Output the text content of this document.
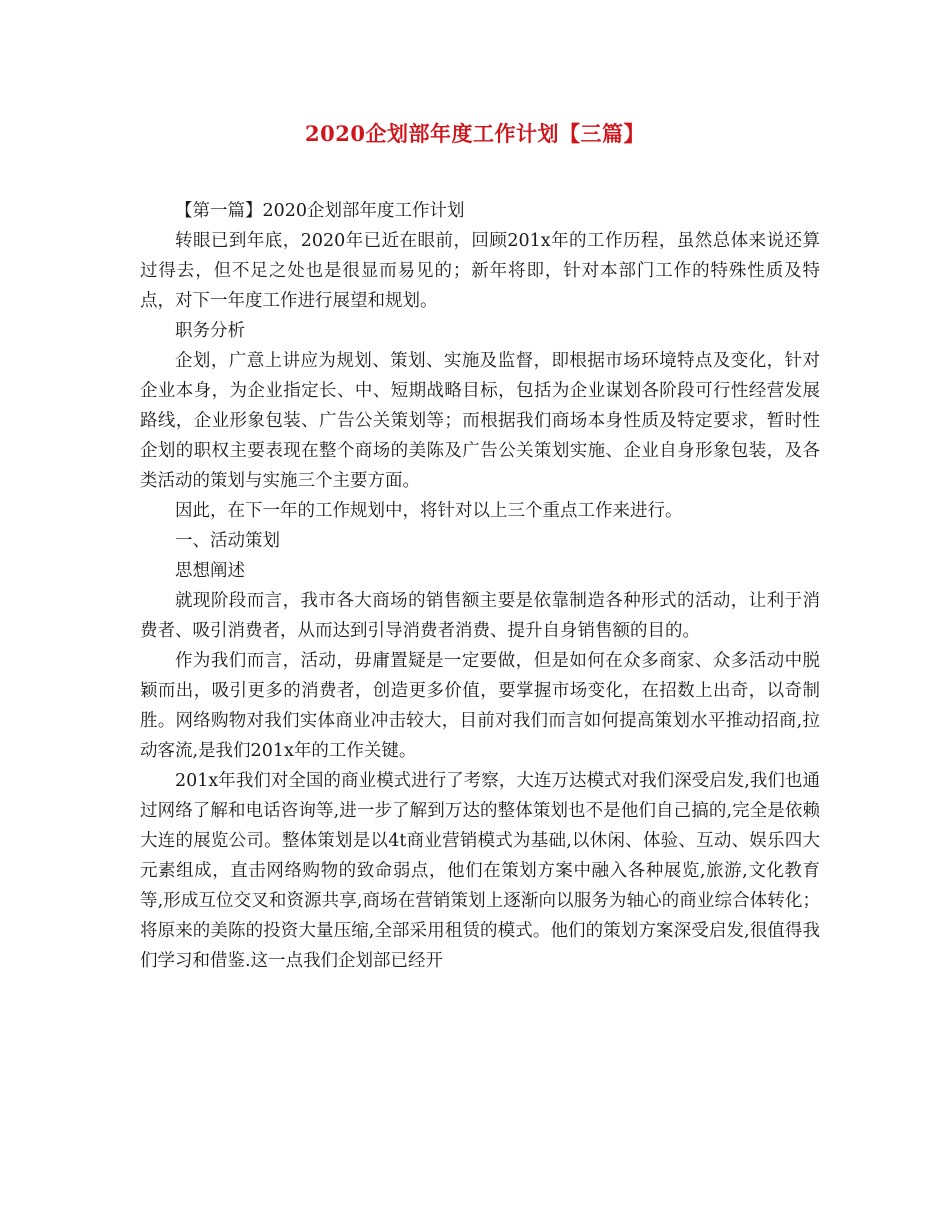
2020企划部年度工作计划【三篇】

【第一篇】2020企划部年度工作计划

转眼已到年底，2020年已近在眼前，回顾201x年的工作历程，虽然总体来说还算过得去，但不足之处也是很显而易见的；新年将即，针对本部门工作的特殊性质及特点，对下一年度工作进行展望和规划。

职务分析

企划，广意上讲应为规划、策划、实施及监督，即根据市场环境特点及变化，针对企业本身，为企业指定长、中、短期战略目标，包括为企业谋划各阶段可行性经营发展路线，企业形象包装、广告公关策划等；而根据我们商场本身性质及特定要求，暂时性企划的职权主要表现在整个商场的美陈及广告公关策划实施、企业自身形象包装，及各类活动的策划与实施三个主要方面。

因此，在下一年的工作规划中，将针对以上三个重点工作来进行。

一、活动策划

思想阐述

就现阶段而言，我市各大商场的销售额主要是依靠制造各种形式的活动，让利于消费者、吸引消费者，从而达到引导消费者消费、提升自身销售额的目的。

作为我们而言，活动，毋庸置疑是一定要做，但是如何在众多商家、众多活动中脱颖而出，吸引更多的消费者，创造更多价值，要掌握市场变化，在招数上出奇，以奇制胜。网络购物对我们实体商业冲击较大，目前对我们而言如何提高策划水平推动招商,拉动客流,是我们201x年的工作关键。

201x年我们对全国的商业模式进行了考察，大连万达模式对我们深受启发,我们也通过网络了解和电话咨询等,进一步了解到万达的整体策划也不是他们自己搞的,完全是依赖大连的展览公司。整体策划是以4t商业营销模式为基础,以休闲、体验、互动、娱乐四大元素组成，直击网络购物的致命弱点，他们在策划方案中融入各种展览,旅游,文化教育等,形成互位交叉和资源共享,商场在营销策划上逐渐向以服务为轴心的商业综合体转化；将原来的美陈的投资大量压缩,全部采用租赁的模式。他们的策划方案深受启发,很值得我们学习和借鉴.这一点我们企划部已经开
